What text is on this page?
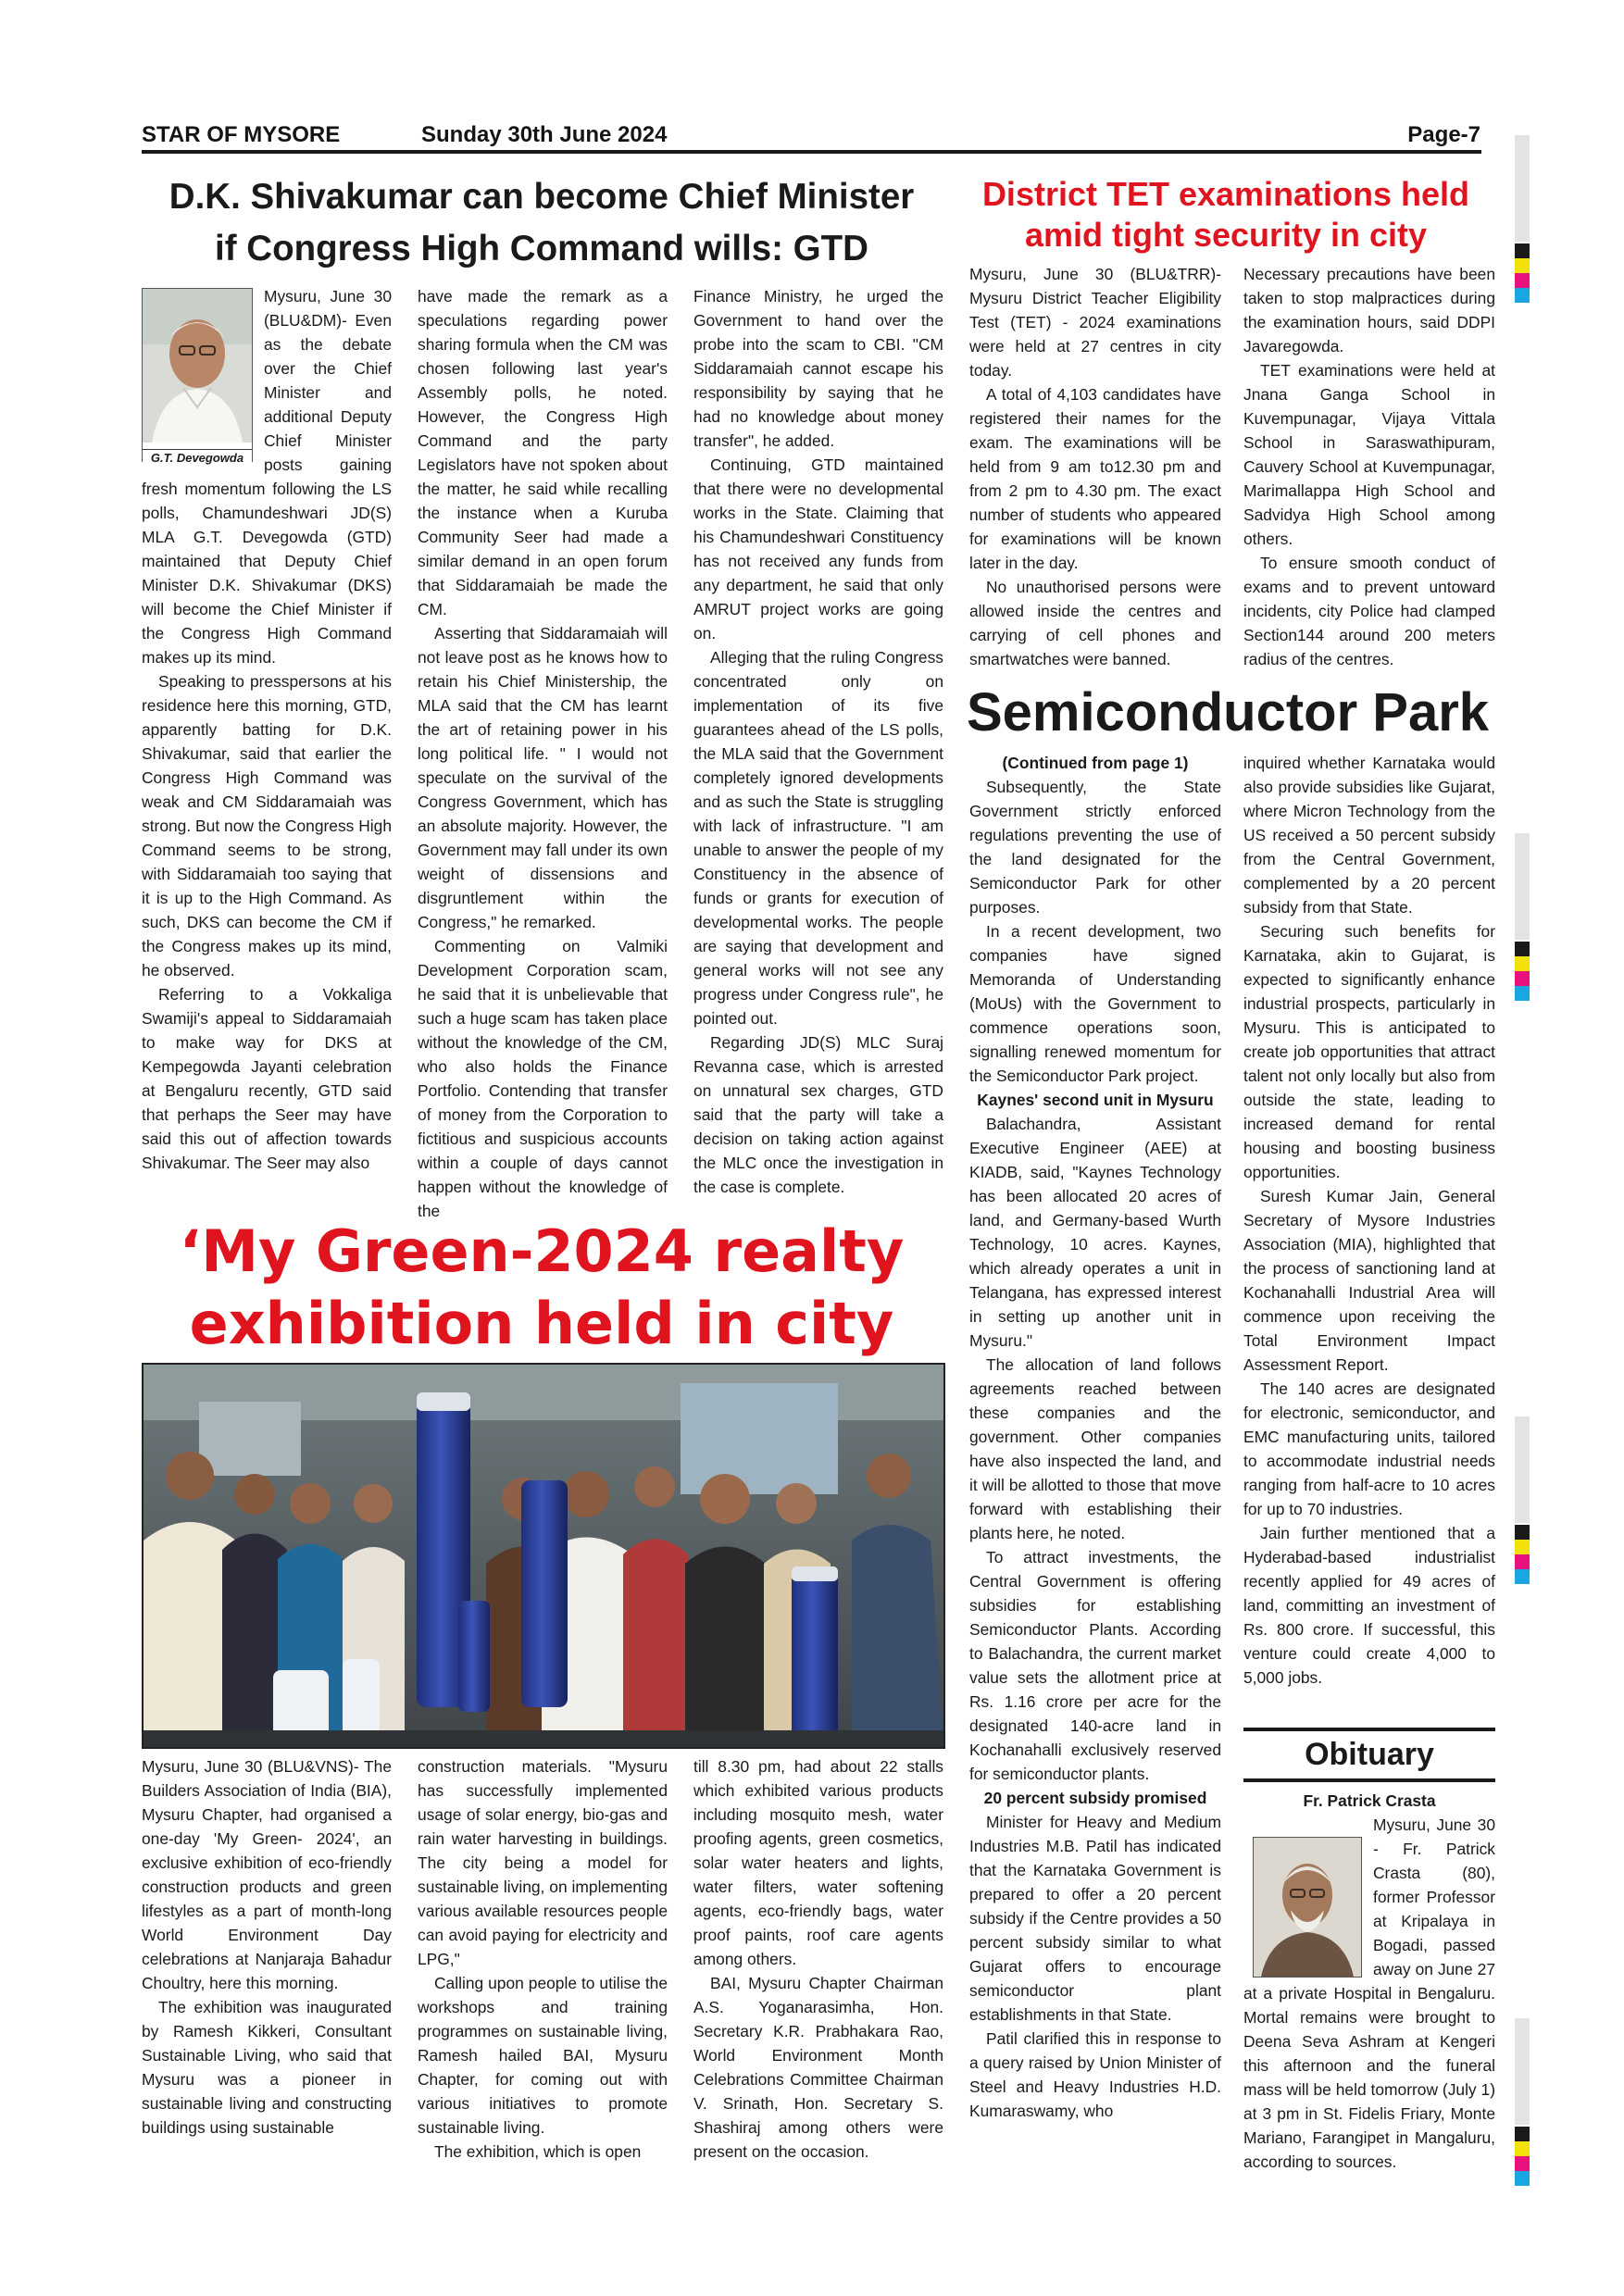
STAR OF MYSORE	Sunday 30th June 2024	Page-7
D.K. Shivakumar can become Chief Minister
if Congress High Command wills: GTD
G.T. Devegowda

Mysuru, June 30 (BLU&DM)- Even as the debate over the Chief Minister and additional Deputy Chief Minister posts gaining fresh momentum following the LS polls, Chamundeshwari JD(S) MLA G.T. Devegowda (GTD) maintained that Deputy Chief Minister D.K. Shivakumar (DKS) will become the Chief Minister if the Congress High Command makes up its mind.

Speaking to presspersons at his residence here this morning, GTD, apparently batting for D.K. Shivakumar, said that earlier the Congress High Command was weak and CM Siddaramaiah was strong. But now the Congress High Command seems to be strong, with Siddaramaiah too saying that it is up to the High Command. As such, DKS can become the CM if the Congress makes up its mind, he observed.

Referring to a Vokkaliga Swamiji's appeal to Siddaramaiah to make way for DKS at Kempegowda Jayanti celebration at Bengaluru recently, GTD said that perhaps the Seer may have said this out of affection towards Shivakumar. The Seer may also

have made the remark as a speculations regarding power sharing formula when the CM was chosen following last year's Assembly polls, he noted. However, the Congress High Command and the party Legislators have not spoken about the matter, he said while recalling the instance when a Kuruba Community Seer had made a similar demand in an open forum that Siddaramaiah be made the CM.

Asserting that Siddaramaiah will not leave post as he knows how to retain his Chief Ministership, the MLA said that the CM has learnt the art of retaining power in his long political life. " I would not speculate on the survival of the Congress Government, which has an absolute majority. However, the Government may fall under its own weight of dissensions and disgruntlement within the Congress," he remarked.

Commenting on Valmiki Development Corporation scam, he said that it is unbelievable that such a huge scam has taken place without the knowledge of the CM, who also holds the Finance Portfolio. Contending that transfer of money from the Corporation to fictitious and suspicious accounts within a couple of days cannot happen without the knowledge of the

Finance Ministry, he urged the Government to hand over the probe into the scam to CBI. "CM Siddaramaiah cannot escape his responsibility by saying that he had no knowledge about money transfer", he added.

Continuing, GTD maintained that there were no developmental works in the State. Claiming that his Chamundeshwari Constituency has not received any funds from any department, he said that only AMRUT project works are going on.

Alleging that the ruling Congress concentrated only on implementation of its five guarantees ahead of the LS polls, the MLA said that the Government completely ignored developments and as such the State is struggling with lack of infrastructure. "I am unable to answer the people of my Constituency in the absence of funds or grants for execution of developmental works. The people are saying that development and general works will not see any progress under Congress rule", he pointed out.

Regarding JD(S) MLC Suraj Revanna case, which is arrested on unnatural sex charges, GTD said that the party will take a decision on taking action against the MLC once the investigation in the case is complete.

District TET examinations held
amid tight security in city

Mysuru, June 30 (BLU&TRR)- Mysuru District Teacher Eligibility Test (TET) - 2024 examinations were held at 27 centres in city today.

A total of 4,103 candidates have registered their names for the exam. The examinations will be held from 9 am to12.30 pm and from 2 pm to 4.30 pm. The exact number of students who appeared for examinations will be known later in the day.

No unauthorised persons were allowed inside the centres and carrying of cell phones and smartwatches were banned.

Necessary precautions have been taken to stop malpractices during the examination hours, said DDPI Javaregowda.

TET examinations were held at Jnana Ganga School in Kuvempunagar, Vijaya Vittala School in Saraswathipuram, Cauvery School at Kuvempunagar, Marimallappa High School and Sadvidya High School among others.

To ensure smooth conduct of exams and to prevent untoward incidents, city Police had clamped Section144 around 200 meters radius of the centres.

Semiconductor Park
(Continued from page 1)

Subsequently, the State Government strictly enforced regulations preventing the use of the land designated for the Semiconductor Park for other purposes.

In a recent development, two companies have signed Memoranda of Understanding (MoUs) with the Government to commence operations soon, signalling renewed momentum for the Semiconductor Park project.

Kaynes' second unit in Mysuru

Balachandra, Assistant Executive Engineer (AEE) at KIADB, said, "Kaynes Technology has been allocated 20 acres of land, and Germany-based Wurth Technology, 10 acres. Kaynes, which already operates a unit in Telangana, has expressed interest in setting up another unit in Mysuru."

The allocation of land follows agreements reached between these companies and the government. Other companies have also inspected the land, and it will be allotted to those that move forward with establishing their plants here, he noted.

To attract investments, the Central Government is offering subsidies for establishing Semiconductor Plants. According to Balachandra, the current market value sets the allotment price at Rs. 1.16 crore per acre for the designated 140-acre land in Kochanahalli exclusively reserved for semiconductor plants.

20 percent subsidy promised

Minister for Heavy and Medium Industries M.B. Patil has indicated that the Karnataka Government is prepared to offer a 20 percent subsidy if the Centre provides a 50 percent subsidy similar to what Gujarat offers to encourage semiconductor plant establishments in that State.

Patil clarified this in response to a query raised by Union Minister of Steel and Heavy Industries H.D. Kumaraswamy, who

inquired whether Karnataka would also provide subsidies like Gujarat, where Micron Technology from the US received a 50 percent subsidy from the Central Government, complemented by a 20 percent subsidy from that State.

Securing such benefits for Karnataka, akin to Gujarat, is expected to significantly enhance industrial prospects, particularly in Mysuru. This is anticipated to create job opportunities that attract talent not only locally but also from outside the state, leading to increased demand for rental housing and boosting business opportunities.

Suresh Kumar Jain, General Secretary of Mysore Industries Association (MIA), highlighted that the process of sanctioning land at Kochanahalli Industrial Area will commence upon receiving the Total Environment Impact Assessment Report.

The 140 acres are designated for electronic, semiconductor, and EMC manufacturing units, tailored to accommodate industrial needs ranging from half-acre to 10 acres for up to 70 industries.

Jain further mentioned that a Hyderabad-based industrialist recently applied for 49 acres of land, committing an investment of Rs. 800 crore. If successful, this venture could create 4,000 to 5,000 jobs.

Obituary
Fr. Patrick Crasta

Mysuru, June 30 - Fr. Patrick Crasta (80), former Professor at Kripalaya in Bogadi, passed away on June 27 at a private Hospital in Bengaluru. Mortal remains were brought to Deena Seva Ashram at Kengeri this afternoon and the funeral mass will be held tomorrow (July 1) at 3 pm in St. Fidelis Friary, Monte Mariano, Farangipet in Mangaluru, according to sources.

‘My Green-2024 realty
exhibition held in city

Mysuru, June 30 (BLU&VNS)- The Builders Association of India (BIA), Mysuru Chapter, had organised a one-day 'My Green- 2024', an exclusive exhibition of eco-friendly construction products and green lifestyles as a part of month-long World Environment Day celebrations at Nanjaraja Bahadur Choultry, here this morning.

The exhibition was inaugurated by Ramesh Kikkeri, Consultant Sustainable Living, who said that Mysuru was a pioneer in sustainable living and constructing buildings using sustainable

construction materials. "Mysuru has successfully implemented usage of solar energy, bio-gas and rain water harvesting in buildings. The city being a model for sustainable living, on implementing various available resources people can avoid paying for electricity and LPG,"

Calling upon people to utilise the workshops and training programmes on sustainable living, Ramesh hailed BAI, Mysuru Chapter, for coming out with various initiatives to promote sustainable living.

The exhibition, which is open

till 8.30 pm, had about 22 stalls which exhibited various products including mosquito mesh, water proofing agents, green cosmetics, solar water heaters and lights, water filters, water softening agents, eco-friendly bags, water proof paints, roof care agents among others.

BAI, Mysuru Chapter Chairman A.S. Yoganarasimha, Hon. Secretary K.R. Prabhakara Rao, World Environment Month Celebrations Committee Chairman V. Srinath, Hon. Secretary S. Shashiraj among others were present on the occasion.
